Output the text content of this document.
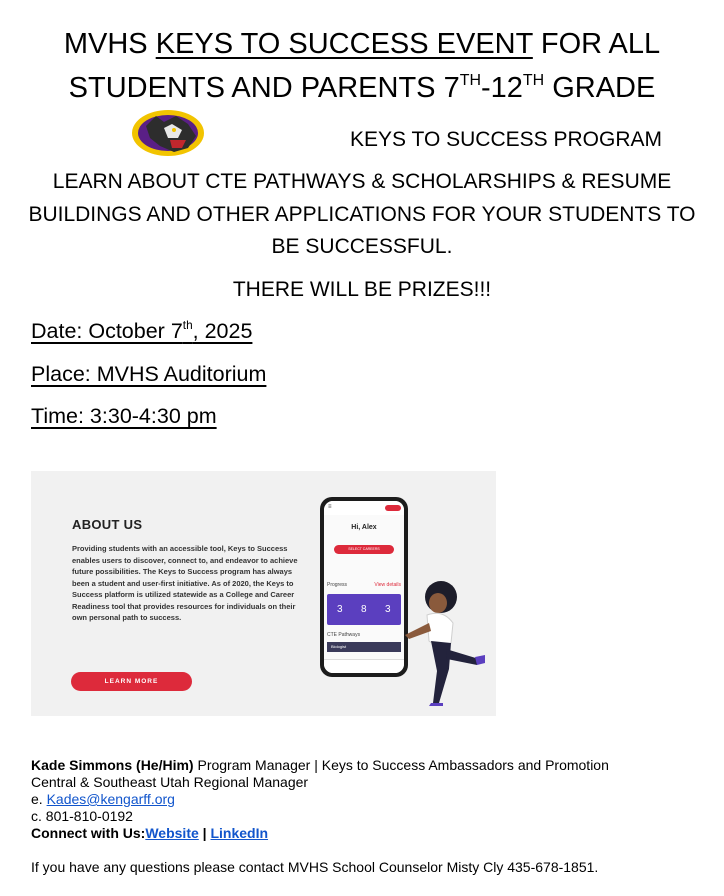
MVHS KEYS TO SUCCESS EVENT FOR ALL
STUDENTS AND PARENTS 7TH-12TH GRADE
KEYS TO SUCCESS PROGRAM
LEARN ABOUT CTE PATHWAYS & SCHOLARSHIPS & RESUME
BUILDINGS AND OTHER APPLICATIONS FOR YOUR STUDENTS TO
BE SUCCESSFUL.
THERE WILL BE PRIZES!!!
Date: October 7th, 2025
Place: MVHS Auditorium
Time: 3:30-4:30 pm
ABOUT US
Providing students with an accessible tool, Keys to Success enables users to discover, connect to, and endeavor to achieve future possibilities. The Keys to Success program has always been a student and user-first initiative. As of 2020, the Keys to Success platform is utilized statewide as a College and Career Readiness tool that provides resources for individuals on their own personal path to success.
LEARN MORE
≡
Hi, Alex
SELECT CAREERS
Progress	View details
3 8 3
CTE Pathways
Biologist
Kade Simmons (He/Him) Program Manager | Keys to Success Ambassadors and Promotion
Central & Southeast Utah Regional Manager
e. Kades@kengarff.org
c. 801-810-0192
Connect with Us:Website | LinkedIn
If you have any questions please contact MVHS School Counselor Misty Cly 435-678-1851.
